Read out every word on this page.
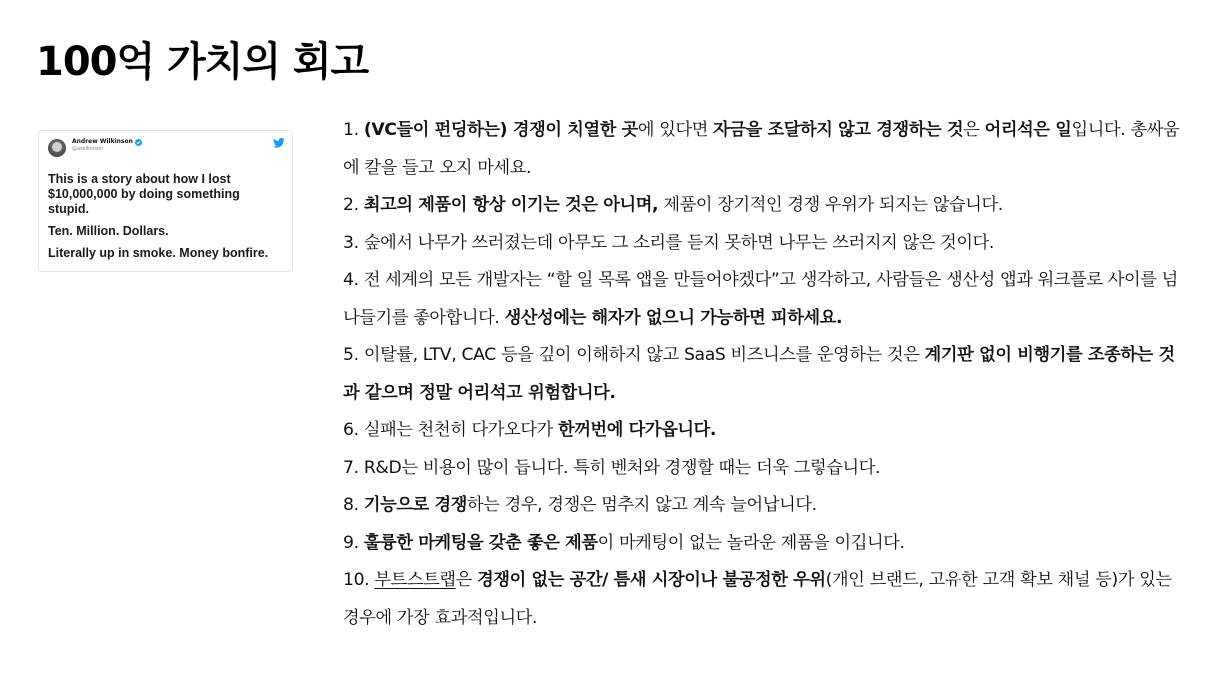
100억 가치의 회고
Andrew Wilkinson
@awilkinson

This is a story about how I lost $10,000,000 by doing something stupid.

Ten. Million. Dollars.

Literally up in smoke. Money bonfire.

1. (VC들이 펀딩하는) 경쟁이 치열한 곳에 있다면 자금을 조달하지 않고 경쟁하는 것은 어리석은 일입니다. 총싸움에 칼을 들고 오지 마세요.
2. 최고의 제품이 항상 이기는 것은 아니며, 제품이 장기적인 경쟁 우위가 되지는 않습니다.
3. 숲에서 나무가 쓰러졌는데 아무도 그 소리를 듣지 못하면 나무는 쓰러지지 않은 것이다.
4. 전 세계의 모든 개발자는 “할 일 목록 앱을 만들어야겠다”고 생각하고, 사람들은 생산성 앱과 워크플로 사이를 넘나들기를 좋아합니다. 생산성에는 해자가 없으니 가능하면 피하세요.
5. 이탈률, LTV, CAC 등을 깊이 이해하지 않고 SaaS 비즈니스를 운영하는 것은 계기판 없이 비행기를 조종하는 것과 같으며 정말 어리석고 위험합니다.
6. 실패는 천천히 다가오다가 한꺼번에 다가옵니다.
7. R&D는 비용이 많이 듭니다. 특히 벤처와 경쟁할 때는 더욱 그렇습니다.
8. 기능으로 경쟁하는 경우, 경쟁은 멈추지 않고 계속 늘어납니다.
9. 훌륭한 마케팅을 갖춘 좋은 제품이 마케팅이 없는 놀라운 제품을 이깁니다.
10. 부트스트랩은 경쟁이 없는 공간/ 틈새 시장이나 불공정한 우위(개인 브랜드, 고유한 고객 확보 채널 등)가 있는 경우에 가장 효과적입니다.
